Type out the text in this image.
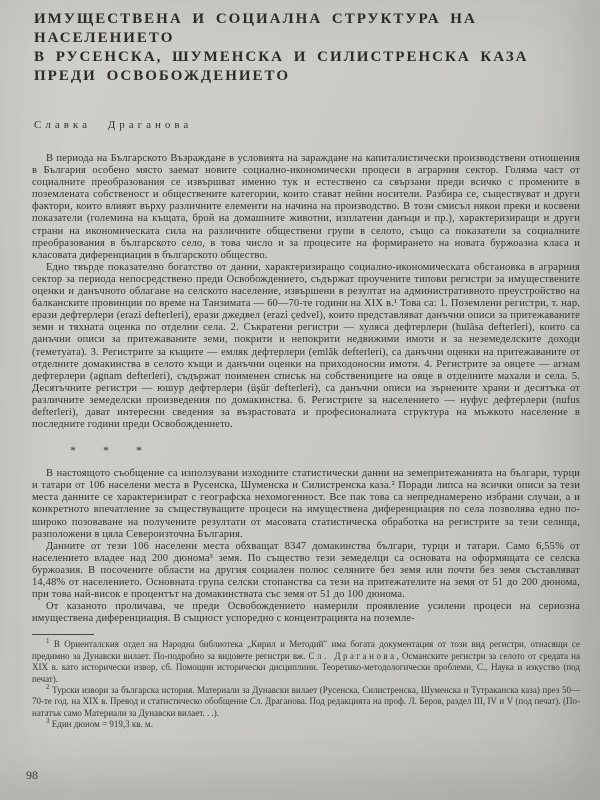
ИМУЩЕСТВЕНА И СОЦИАЛНА СТРУКТУРА НА НАСЕЛЕНИЕТО
В РУСЕНСКА, ШУМЕНСКА И СИЛИСТРЕНСКА КАЗА
ПРЕДИ ОСВОБОЖДЕНИЕТО
Славка Драганова

В периода на Българското Възраждане в условията на зараждане на капиталистически производствени отношения в България особено място заемат новите социално-икономически процеси в аграрния сектор. Голяма част от социалните преобразования се извършват именно тук и естествено са свързани преди всичко с промените в поземлената собственост и обществените категории, които стават нейни носители. Разбира се, съществуват и други фактори, които влияят върху различните елементи на начина на производство. В този смисъл някои преки и косвени показатели (големина на къщата, брой на домашните животни, изплатени данъци и пр.), характеризиращи и други страни на икономическата сила на различните обществени групи в селото, също са показатели за социалните преобразования в българското село, в това число и за процесите на формирането на новата буржоазна класа и класовата диференциация в българското общество.

Едно твърде показателно богатство от данни, характеризиращо социално-икономическата обстановка в аграрния сектор за периода непосредствено преди Освобождението, съдържат проучените типови регистри за имуществените оценки и данъчното облагане на селското население, извършени в резултат на административното преустройство на балканските провинции по време на Танзимата — 60—70-те години на XIX в.¹ Това са: 1. Поземлени регистри, т. нар. ерази дефтерлери (erazi defterleri), ерази джедвел (erazi çedvel), които представляват данъчни описи за притежаваните земи и тяхната оценка по отделни села. 2. Съкратени регистри — хуляса дефтерлери (hulâsa defterleri), които са данъчни описи за притежаваните земи, покрити и непокрити недвижими имоти и за неземеделските доходи (теметуата). 3. Регистрите за къщите — емляк дефтерлери (emlâk defterleri), са данъчни оценки на притежаваните от отделните домакинства в селото къщи и данъчни оценки на приходоносни имоти. 4. Регистрите за овцете — агнам дефтерлери (agnam defterleri), съдържат поименен списък на собствениците на овце в отделните махали и села. 5. Десятъчните регистри — юшур дефтерлери (üşür defterleri), са данъчни описи на зърнените храни и десятъка от различните земеделски произведения по домакинства. 6. Регистрите за населението — нуфус дефтерлери (nufus defterleri), дават интересни сведения за възрастовата и професионалната структура на мъжкото население в последните години преди Освобождението.

* * *

В настоящото съобщение са използувани изходните статистически данни на земепритежанията на българи, турци и татари от 106 населени места в Русенска, Шуменска и Силистренска каза.² Поради липса на всички описи за тези места данните се характеризират с географска нехомогенност. Все пак това са непреднамерено избрани случаи, а и конкретното впечатление за съществуващите процеси на имуществена диференциация по села позволява едно по-широко позоваване на получените резултати от масовата статистическа обработка на регистрите за тези селища, разположени в цяла Североизточна България.

Данните от тези 106 населени места обхващат 8347 домакинства българи, турци и татари. Само 6,55% от населението владее над 200 дюнома³ земя. По същество тези земеделци са основата на оформящата се селска буржоазия. В посочените области на другия социален полюс селяните без земя или почти без земя съставляват 14,48% от населението. Основната група селски стопанства са тези на притежателите на земя от 51 до 200 дюнома, при това най-висок е процентът на домакинствата със земя от 51 до 100 дюнома.

От казаното проличава, че преди Освобождението намерили проявление усилени процеси на сериозна имуществена диференциация. В същност успоредно с концентрацията на поземле-

$^1$ В Ориенталския отдел на Народна библиотека „Кирил и Методий" има богата документация от този вид регистри, отнасящи се предимно за Дунавски вилает. По-подробно за видовете регистри вж. Сл. Драганова, Османските регистри за селото от средата на XIX в. като исторически извор, сб. Помощни исторически дисциплини. Теоретико-методологически проблеми, С., Наука и изкуство (под печат).

$^2$ Турски извори за българска история. Материали за Дунавски вилает (Русенска, Силистренска, Шуменска и Тутраканска каза) през 50—70-те год. на XIX в. Превод и статистическо обобщение Сл. Драганова. Под редакцията на проф. Л. Беров, раздел III, IV и V (под печат). (По-нататък само Материали за Дунавски вилает. . .).

$^3$ Един дюном = 919,3 кв. м.

98
